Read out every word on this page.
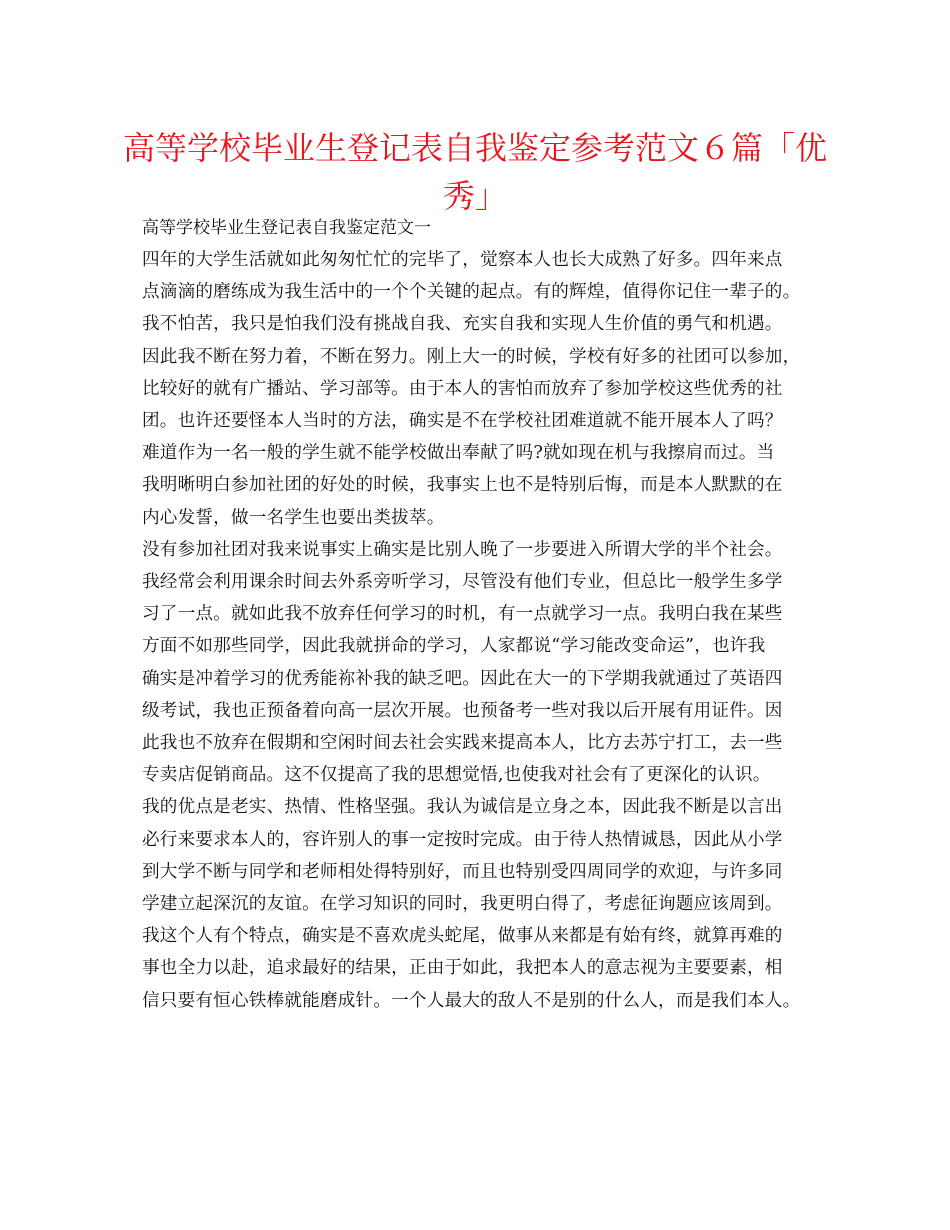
高等学校毕业生登记表自我鉴定参考范文６篇「优
秀」

高等学校毕业生登记表自我鉴定范文一

四年的大学生活就如此匆匆忙忙的完毕了，觉察本人也长大成熟了好多。四年来点

点滴滴的磨练成为我生活中的一个个关键的起点。有的辉煌，值得你记住一辈子的。

我不怕苦，我只是怕我们没有挑战自我、充实自我和实现人生价值的勇气和机遇。

因此我不断在努力着，不断在努力。刚上大一的时候，学校有好多的社团可以参加，

比较好的就有广播站、学习部等。由于本人的害怕而放弃了参加学校这些优秀的社

团。也许还要怪本人当时的方法，确实是不在学校社团难道就不能开展本人了吗？

难道作为一名一般的学生就不能学校做出奉献了吗?就如现在机与我擦肩而过。当

我明晰明白参加社团的好处的时候，我事实上也不是特别后悔，而是本人默默的在

内心发誓，做一名学生也要出类拔萃。

没有参加社团对我来说事实上确实是比别人晚了一步要进入所谓大学的半个社会。

我经常会利用课余时间去外系旁听学习，尽管没有他们专业，但总比一般学生多学

习了一点。就如此我不放弃任何学习的时机，有一点就学习一点。我明白我在某些

方面不如那些同学，因此我就拼命的学习，人家都说“学习能改变命运”，也许我

确实是冲着学习的优秀能祢补我的缺乏吧。因此在大一的下学期我就通过了英语四

级考试，我也正预备着向高一层次开展。也预备考一些对我以后开展有用证件。因

此我也不放弃在假期和空闲时间去社会实践来提高本人，比方去苏宁打工，去一些

专卖店促销商品。这不仅提高了我的思想觉悟,也使我对社会有了更深化的认识。

我的优点是老实、热情、性格坚强。我认为诚信是立身之本，因此我不断是以言出

必行来要求本人的，容许别人的事一定按时完成。由于待人热情诚恳，因此从小学

到大学不断与同学和老师相处得特别好，而且也特别受四周同学的欢迎，与许多同

学建立起深沉的友谊。在学习知识的同时，我更明白得了，考虑征询题应该周到。

我这个人有个特点，确实是不喜欢虎头蛇尾，做事从来都是有始有终，就算再难的

事也全力以赴，追求最好的结果，正由于如此，我把本人的意志视为主要要素，相

信只要有恒心铁棒就能磨成针。一个人最大的敌人不是别的什么人，而是我们本人。
